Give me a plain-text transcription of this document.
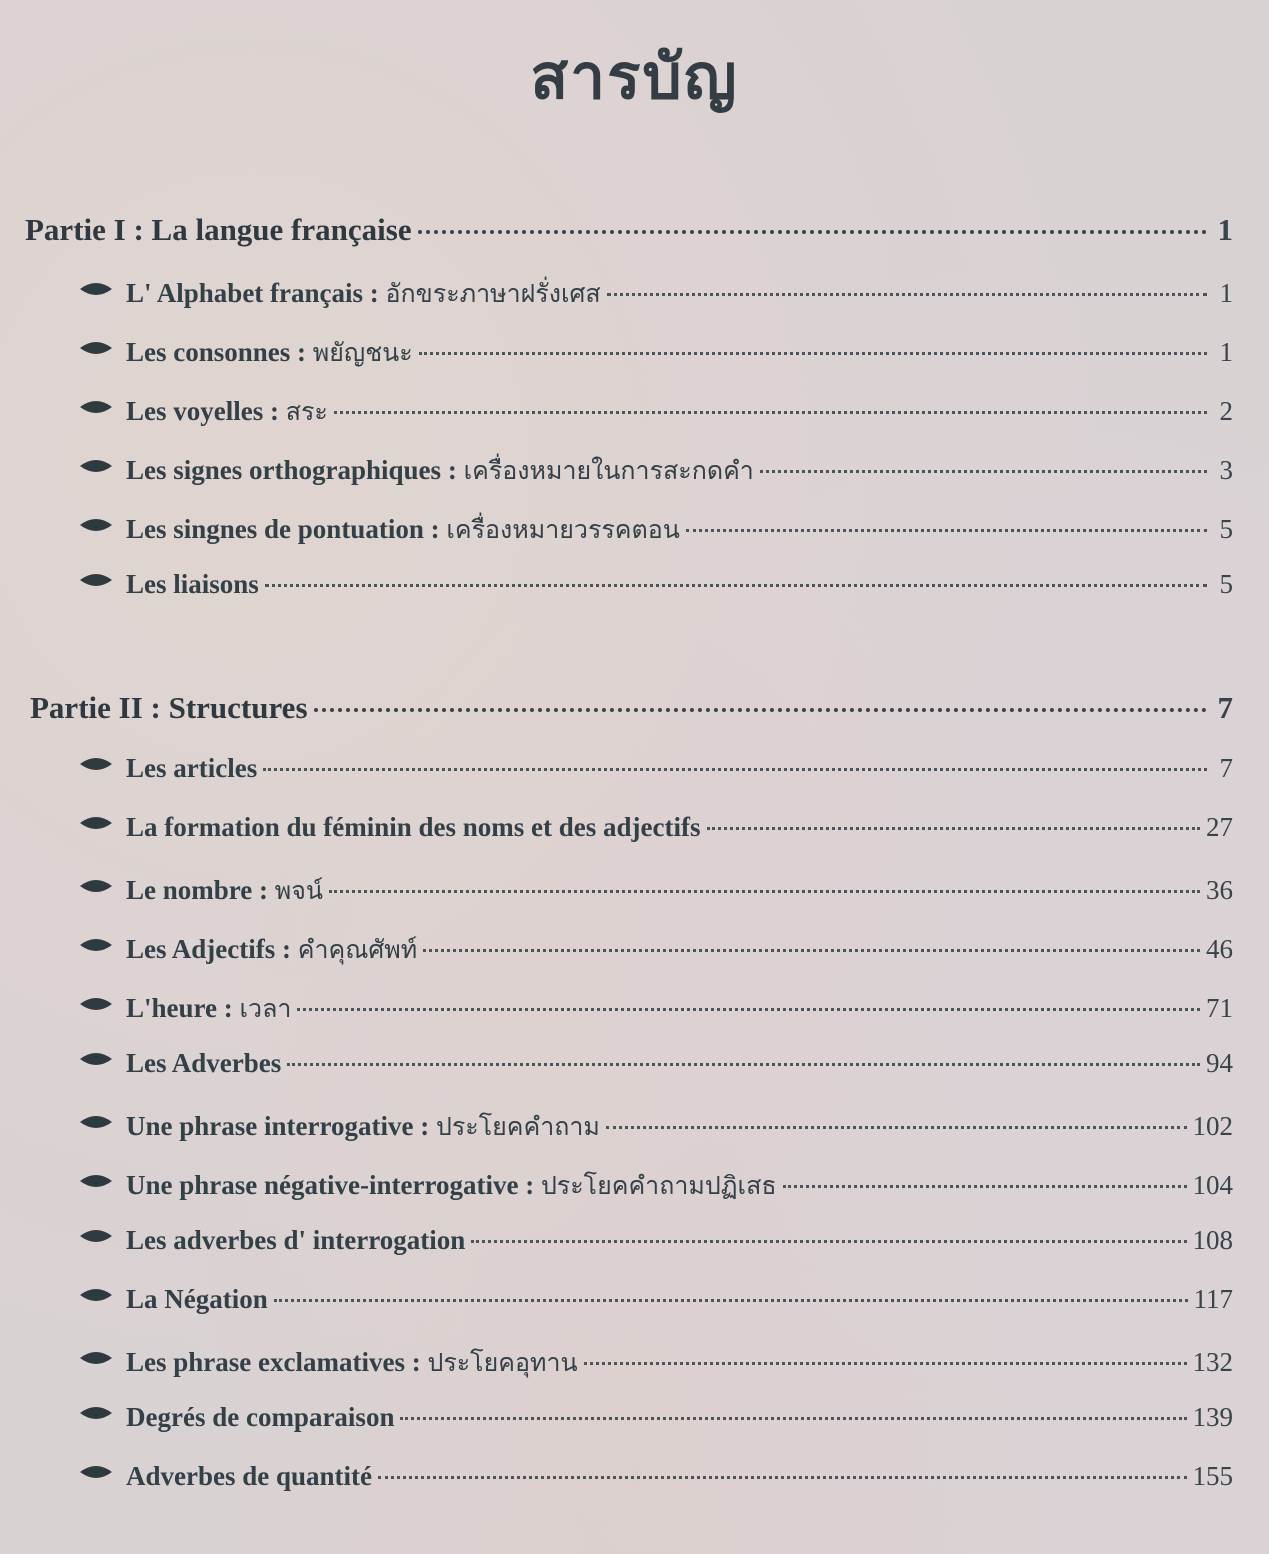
สารบัญ
Partie I : La langue française	1
L' Alphabet français : อักขระภาษาฝรั่งเศส	1
Les consonnes : พยัญชนะ	1
Les voyelles : สระ	2
Les signes orthographiques : เครื่องหมายในการสะกดคำ	3
Les singnes de pontuation : เครื่องหมายวรรคตอน	5
Les liaisons	5
Partie II : Structures	7
Les articles	7
La formation du féminin des noms et des adjectifs	27
Le nombre : พจน์	36
Les Adjectifs : คำคุณศัพท์	46
L'heure : เวลา	71
Les Adverbes	94
Une phrase interrogative : ประโยคคำถาม	102
Une phrase négative-interrogative : ประโยคคำถามปฏิเสธ	104
Les adverbes d' interrogation	108
La Négation	117
Les phrase exclamatives : ประโยคอุทาน	132
Degrés de comparaison	139
Adverbes de quantité	155
